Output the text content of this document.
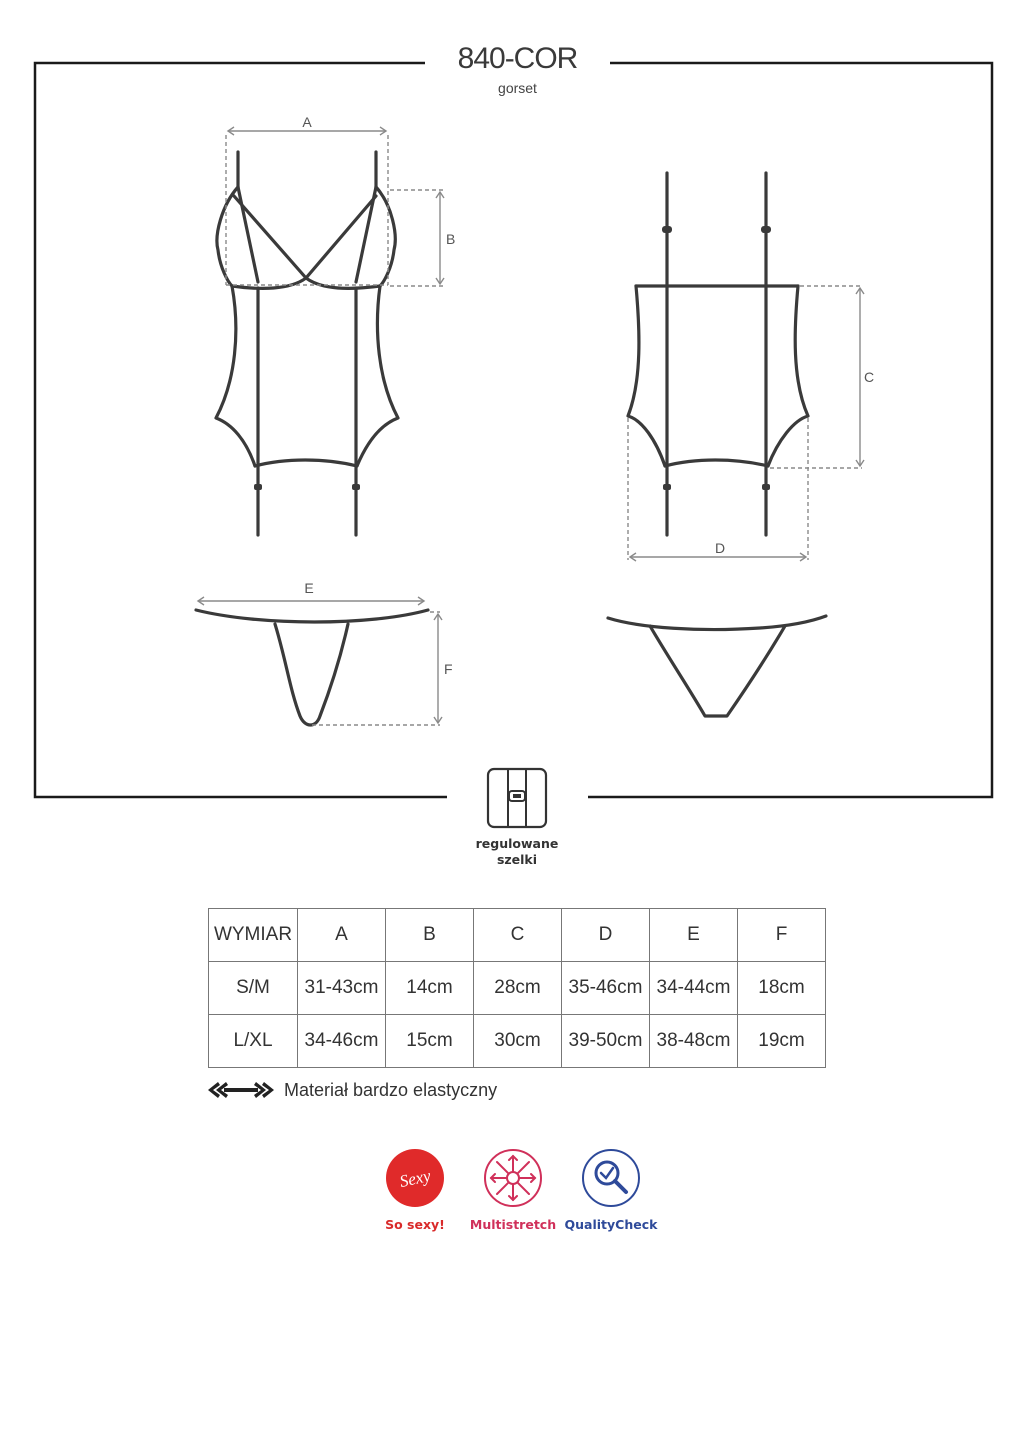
A
B
C
D
E
F
840-COR
gorset
regulowane
szelki
WYMIAR	A	B	C	D	E	F
S/M	31-43cm	14cm	28cm	35-46cm	34-44cm	18cm
L/XL	34-46cm	15cm	30cm	39-50cm	38-48cm	19cm
Materiał bardzo elastyczny
Sexy
So sexy!	Multistretch QualityCheck
